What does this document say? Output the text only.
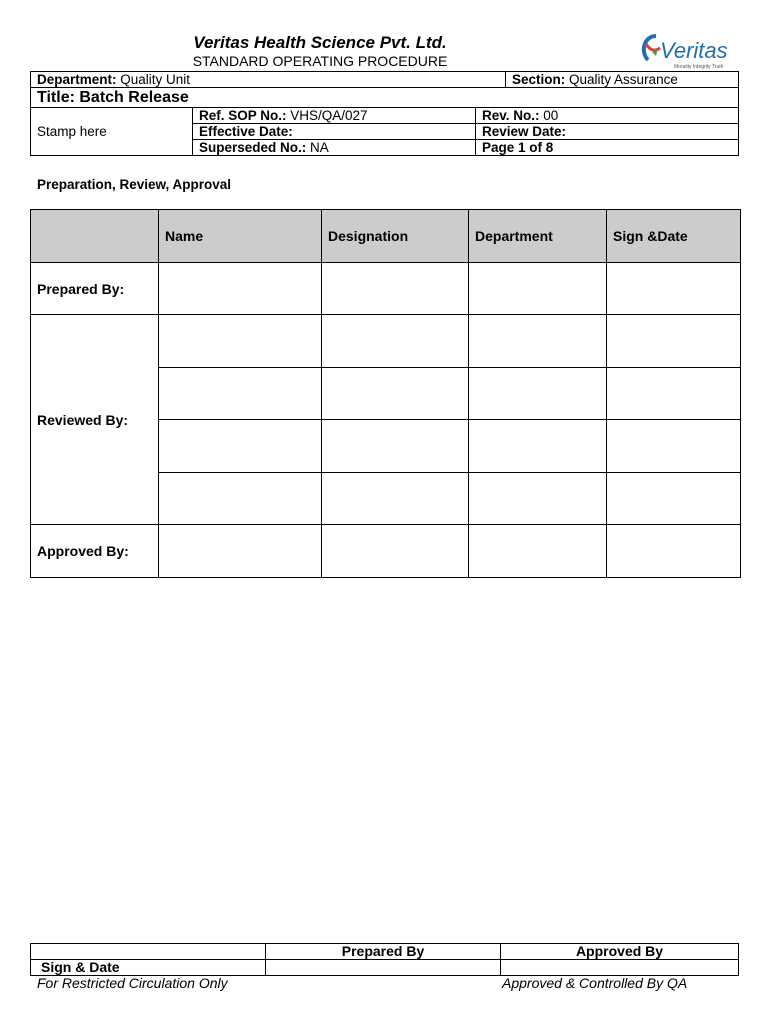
Veritas Health Science Pvt. Ltd.
STANDARD OPERATING PROCEDURE	Veritas
Morality Integrity Truth
Department: Quality Unit	Section: Quality Assurance
Title: Batch Release
Stamp here	Ref. SOP No.: VHS/QA/027	Rev. No.: 00
	Effective Date:	Review Date:
	Superseded No.: NA	Page 1 of 8
Preparation, Review, Approval
	Name	Designation	Department	Sign &Date
Prepared By:				
Reviewed By:				

Approved By:				
	Prepared By	Approved By
Sign & Date		
For Restricted Circulation Only	Approved & Controlled By QA
